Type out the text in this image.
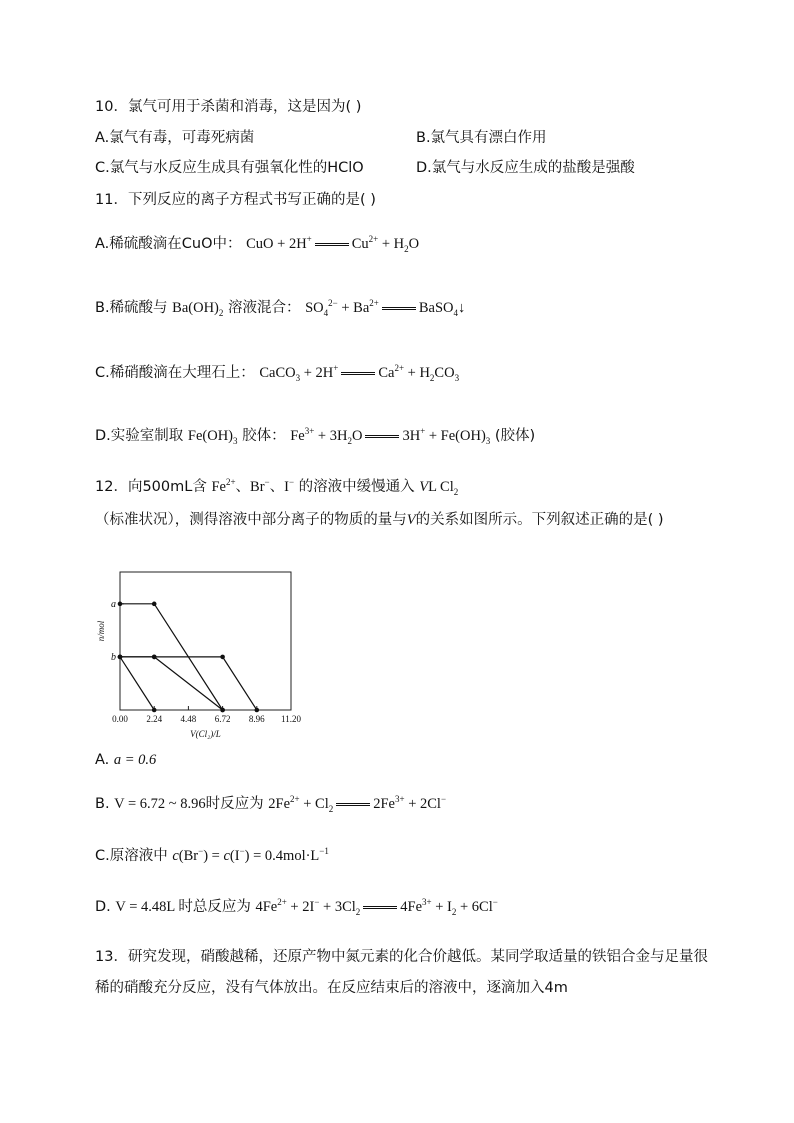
10．氯气可用于杀菌和消毒，这是因为( )
A.氯气有毒，可毒死病菌	B.氯气具有漂白作用
C.氯气与水反应生成具有强氧化性的HClO	D.氯气与水反应生成的盐酸是强酸
11．下列反应的离子方程式书写正确的是( )
A.稀硫酸滴在CuO中： CuO + 2H+	$Cu^{2+} + H_2O$
B.稀硫酸与 $Ba(OH)_2$ 溶液混合： $SO_4^{2-} + Ba^{2+}$	BaSO$_4$↓
C.稀硝酸滴在大理石上： CaCO$_3$ + 2H+	$Ca^{2+} + H_2CO_3$
D.实验室制取 $Fe(OH)_3$ 胶体： $Fe^{3+} + 3H_2O$	$3H^+ + Fe(OH)_3$ (胶体)
12．向500mL含 $Fe^{2+}$、Br−、I− 的溶液中缓慢通入 VL $Cl_2$
（标准状况），测得溶液中部分离子的物质的量与V的关系如图所示。下列叙述正确的是( )
0.00 2.24 4.48 6.72 8.96 11.20
a
b
V(Cl₂)/L
n/mol
A. a = 0.6
B. V = 6.72 ~ 8.96时反应为 $2Fe^{2+} + Cl_2$	$2Fe^{3+} + 2Cl^-$
C.原溶液中 $c(Br^-) = c(I^-) = 0.4mol\cdot L^{-1}$
D. V = 4.48L 时总反应为 $4Fe^{2+} + 2I^- + 3Cl_2$	$4Fe^{3+} + I_2 + 6Cl^-$
13．研究发现，硝酸越稀，还原产物中氮元素的化合价越低。某同学取适量的铁铝合金与足量很稀的硝酸充分反应，没有气体放出。在反应结束后的溶液中，逐滴加入4m
